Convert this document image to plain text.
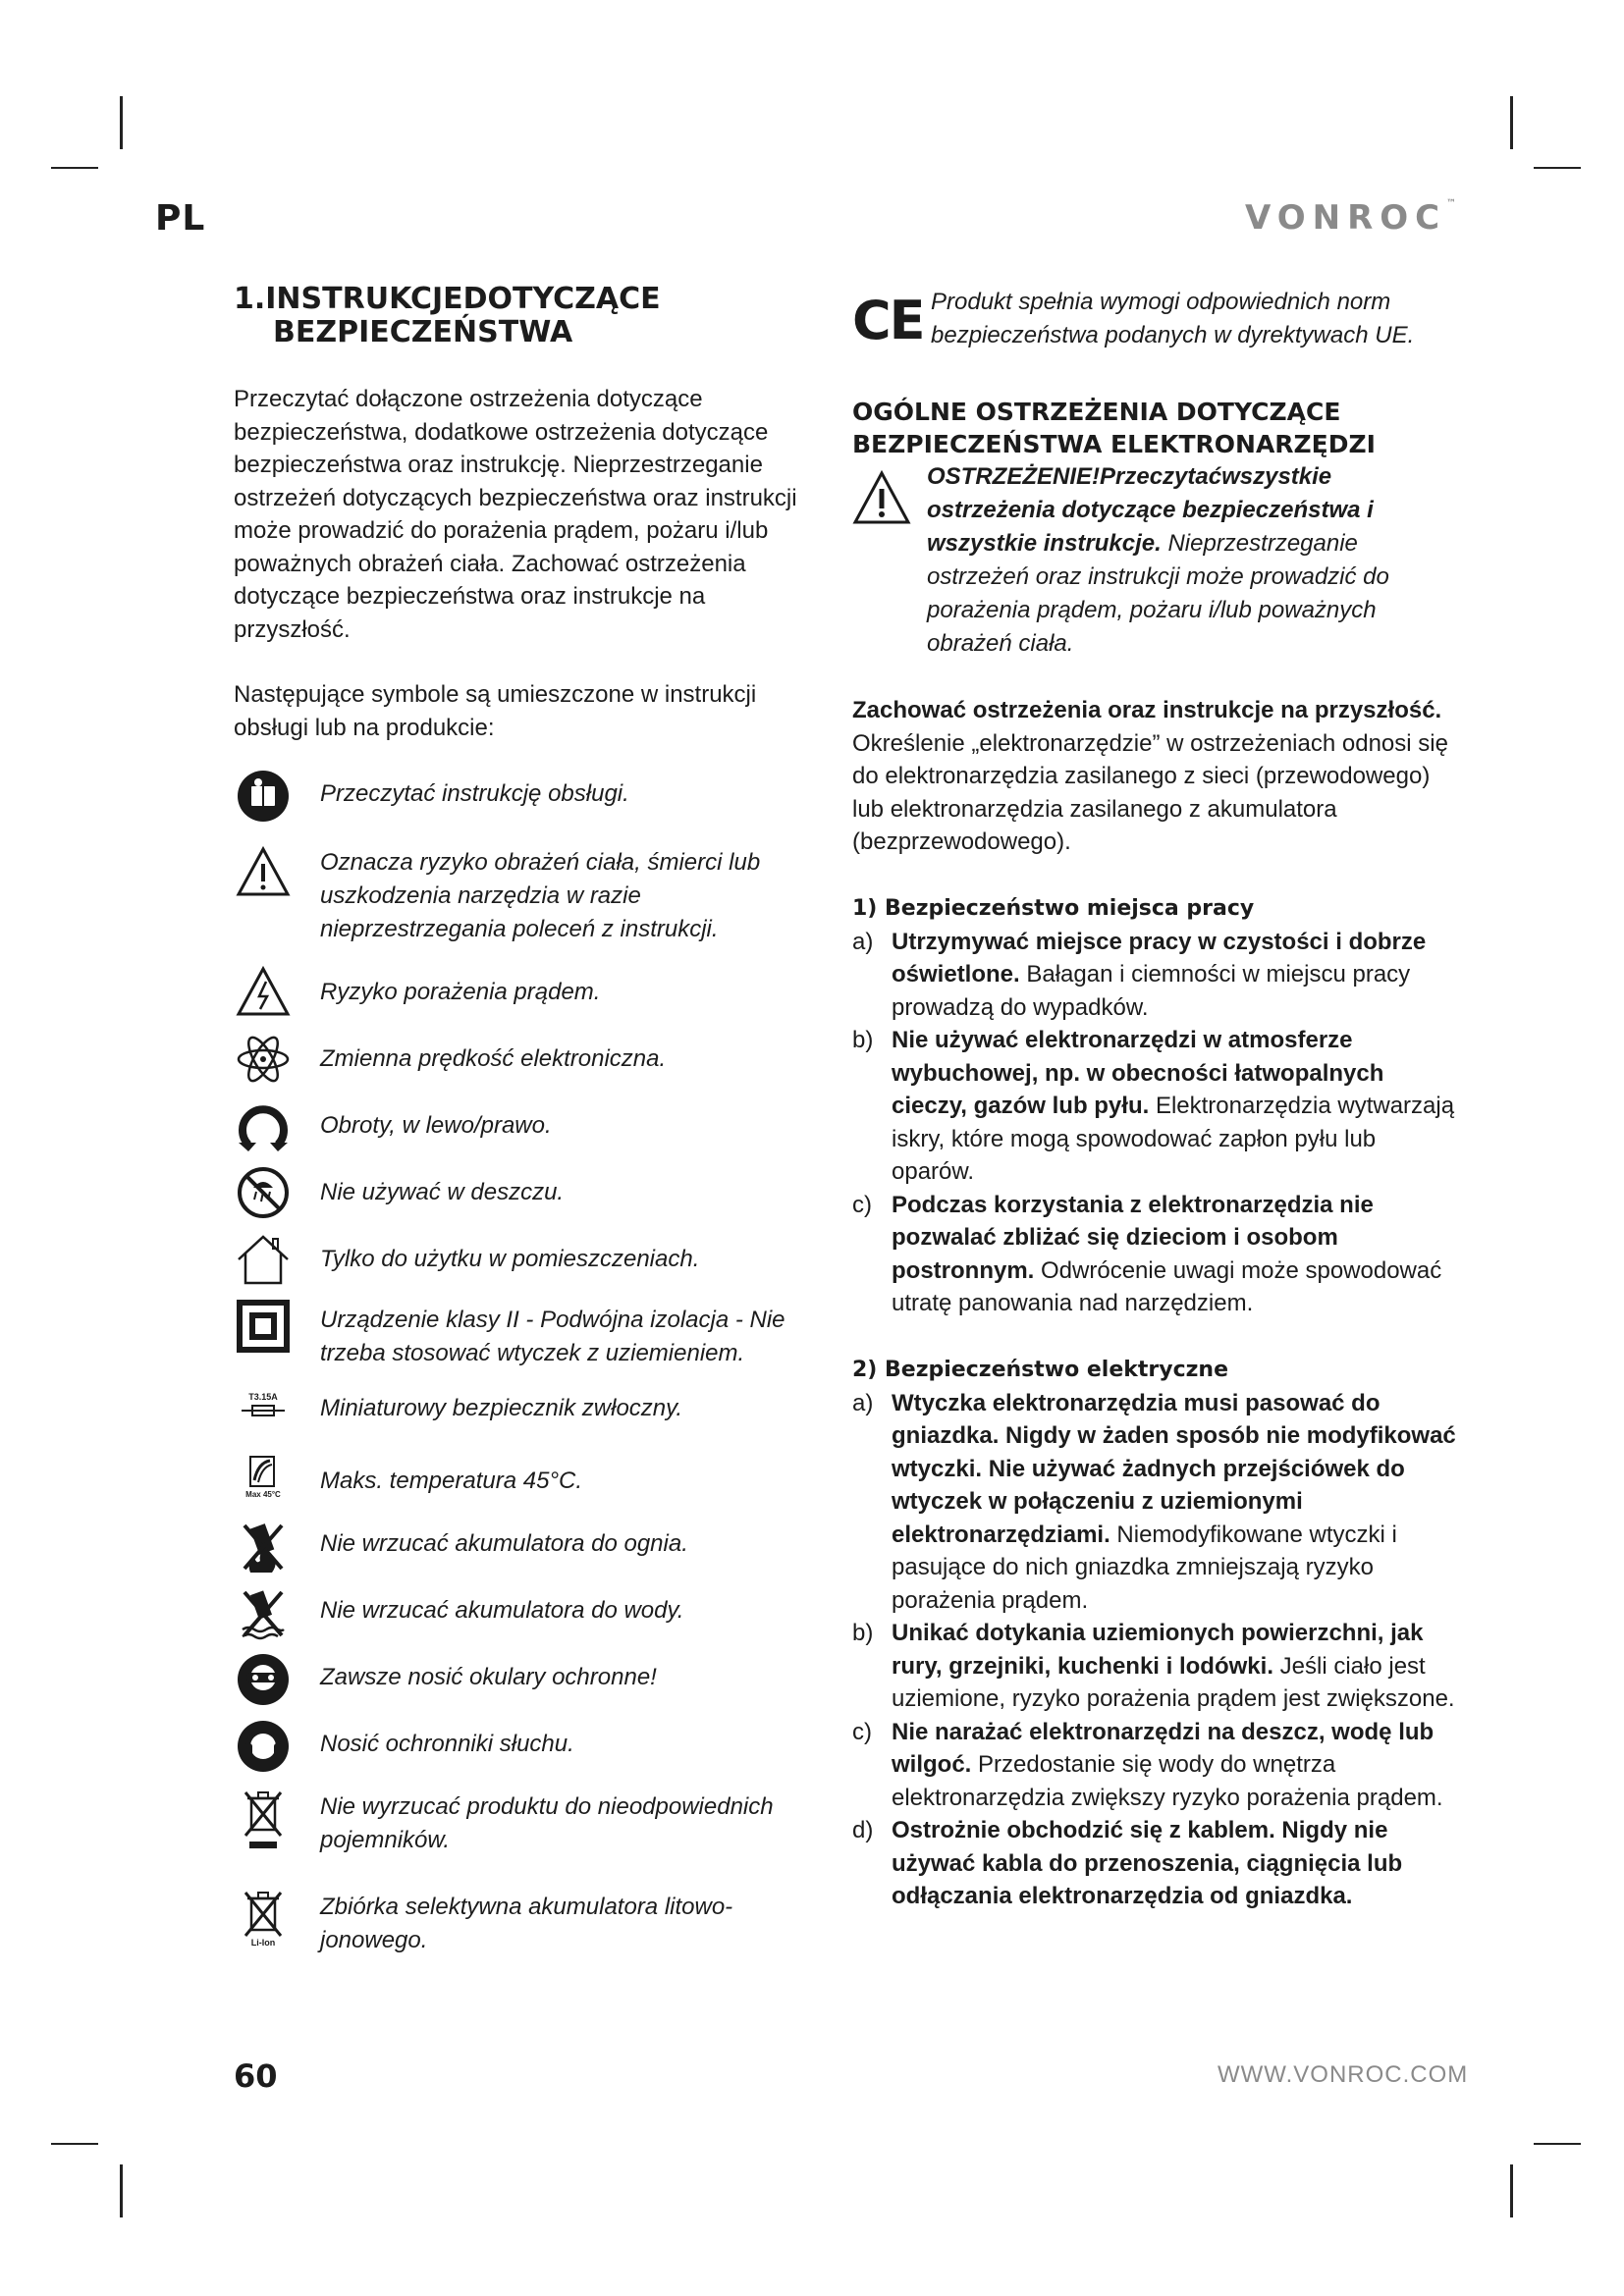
PL	VONROC™
1.INSTRUKCJEDOTYCZĄCE
BEZPIECZEŃSTWA

Przeczytać dołączone ostrzeżenia dotyczące bezpieczeństwa, dodatkowe ostrzeżenia dotyczące bezpieczeństwa oraz instrukcję. Nieprzestrzeganie ostrzeżeń dotyczących bezpieczeństwa oraz instrukcji może prowadzić do porażenia prądem, pożaru i/lub poważnych obrażeń ciała. Zachować ostrzeżenia dotyczące bezpieczeństwa oraz instrukcje na przyszłość.

Następujące symbole są umieszczone w instrukcji obsługi lub na produkcie:

Przeczytać instrukcję obsługi.
Oznacza ryzyko obrażeń ciała, śmierci lub uszkodzenia narzędzia w razie nieprzestrzegania poleceń z instrukcji.
Ryzyko porażenia prądem.
Zmienna prędkość elektroniczna.
Obroty, w lewo/prawo.
Nie używać w deszczu.
Tylko do użytku w pomieszczeniach.
Urządzenie klasy II - Podwójna izolacja - Nie trzeba stosować wtyczek z uziemieniem.
T3.15A Miniaturowy bezpiecznik zwłoczny.
Max 45°C
Maks. temperatura 45°C.
Nie wrzucać akumulatora do ognia.
Nie wrzucać akumulatora do wody.
Zawsze nosić okulary ochronne!
Nosić ochronniki słuchu.
Nie wyrzucać produktu do nieodpowiednich pojemników.
Li-Ion
Zbiórka selektywna akumulatora litowo-jonowego.
CE Produkt spełnia wymogi odpowiednich norm bezpieczeństwa podanych w dyrektywach UE.
OGÓLNE OSTRZEŻENIA DOTYCZĄCE BEZPIECZEŃSTWA ELEKTRONARZĘDZI
OSTRZEŻENIE!Przeczytaćwszystkie ostrzeżenia dotyczące bezpieczeństwa i wszystkie instrukcje. Nieprzestrzeganie ostrzeżeń oraz instrukcji może prowadzić do porażenia prądem, pożaru i/lub poważnych obrażeń ciała.

Zachować ostrzeżenia oraz instrukcje na przyszłość. Określenie „elektronarzędzie” w ostrzeżeniach odnosi się do elektronarzędzia zasilanego z sieci (przewodowego) lub elektronarzędzia zasilanego z akumulatora (bezprzewodowego).

1) Bezpieczeństwo miejsca pracy
a) Utrzymywać miejsce pracy w czystości i dobrze oświetlone. Bałagan i ciemności w miejscu pracy prowadzą do wypadków.
b) Nie używać elektronarzędzi w atmosferze wybuchowej, np. w obecności łatwopalnych cieczy, gazów lub pyłu. Elektronarzędzia wytwarzają iskry, które mogą spowodować zapłon pyłu lub oparów.
c) Podczas korzystania z elektronarzędzia nie pozwalać zbliżać się dzieciom i osobom postronnym. Odwrócenie uwagi może spowodować utratę panowania nad narzędziem.
2) Bezpieczeństwo elektryczne
a) Wtyczka elektronarzędzia musi pasować do gniazdka. Nigdy w żaden sposób nie modyfikować wtyczki. Nie używać żadnych przejściówek do wtyczek w połączeniu z uziemionymi elektronarzędziami. Niemodyfikowane wtyczki i pasujące do nich gniazdka zmniejszają ryzyko porażenia prądem.
b) Unikać dotykania uziemionych powierzchni, jak rury, grzejniki, kuchenki i lodówki. Jeśli ciało jest uziemione, ryzyko porażenia prądem jest zwiększone.
c) Nie narażać elektronarzędzi na deszcz, wodę lub wilgoć. Przedostanie się wody do wnętrza elektronarzędzia zwiększy ryzyko porażenia prądem.
d) Ostrożnie obchodzić się z kablem. Nigdy nie używać kabla do przenoszenia, ciągnięcia lub odłączania elektronarzędzia od gniazdka.
60	WWW.VONROC.COM
